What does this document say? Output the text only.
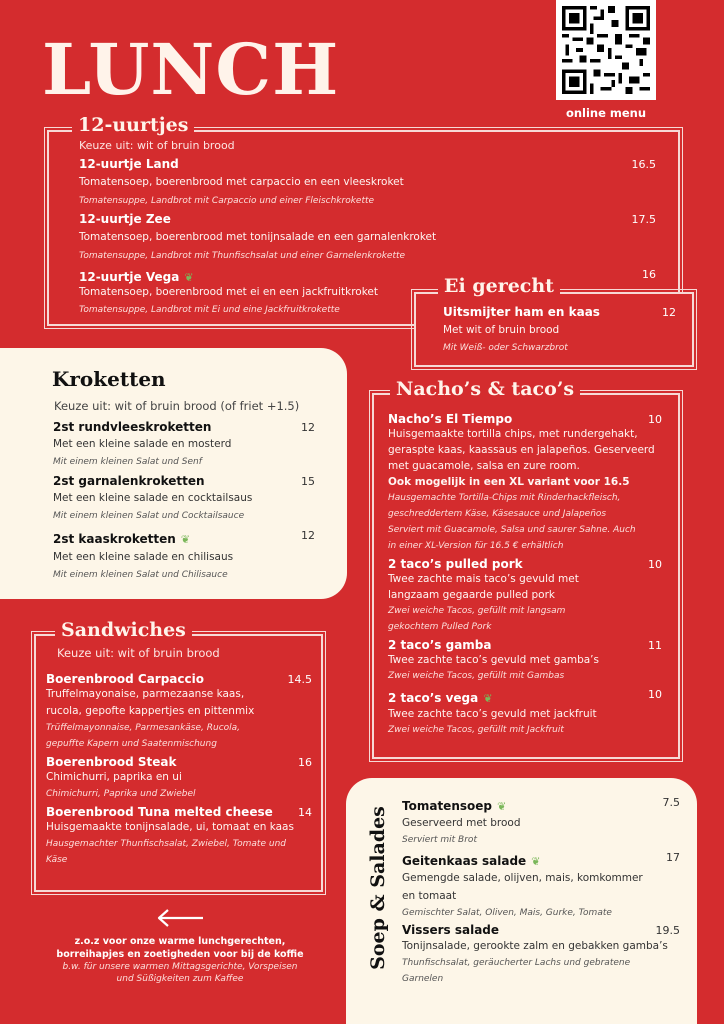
LUNCH
online menu
12-uurtjes
Keuze uit: wit of bruin brood
12-uurtje Land	16.5
Tomatensoep, boerenbrood met carpaccio en een vleeskroket
Tomatensuppe, Landbrot mit Carpaccio und einer Fleischkrokette
12-uurtje Zee	17.5
Tomatensoep, boerenbrood met tonijnsalade en een garnalenkroket
Tomatensuppe, Landbrot mit Thunfischsalat und einer Garnelenkrokette
12-uurtje Vega ❦	16
Tomatensoep, boerenbrood met ei en een jackfruitkroket
Tomatensuppe, Landbrot mit Ei und eine Jackfruitkrokette
Ei gerecht
Uitsmijter ham en kaas	12
Met wit of bruin brood
Mit Weiß- oder Schwarzbrot
Kroketten
Keuze uit: wit of bruin brood (of friet +1.5)
2st rundvleeskroketten	12
Met een kleine salade en mosterd
Mit einem kleinen Salat und Senf
2st garnalenkroketten	15
Met een kleine salade en cocktailsaus
Mit einem kleinen Salat und Cocktailsauce
2st kaaskroketten ❦	12
Met een kleine salade en chilisaus
Mit einem kleinen Salat und Chilisauce
Nacho’s & taco’s
Nacho’s El Tiempo	10
Huisgemaakte tortilla chips, met rundergehakt,
geraspte kaas, kaassaus en jalapeños. Geserveerd
met guacamole, salsa en zure room.
Ook mogelijk in een XL variant voor 16.5
Hausgemachte Tortilla-Chips mit Rinderhackfleisch,
geschreddertem Käse, Käsesauce und Jalapeños
Serviert mit Guacamole, Salsa und saurer Sahne. Auch
in einer XL-Version für 16.5 € erhältlich
2 taco’s pulled pork	10
Twee zachte mais taco’s gevuld met
langzaam gegaarde pulled pork
Zwei weiche Tacos, gefüllt mit langsam
gekochtem Pulled Pork
2 taco’s gamba	11
Twee zachte taco’s gevuld met gamba’s
Zwei weiche Tacos, gefüllt mit Gambas
2 taco’s vega ❦	10
Twee zachte taco’s gevuld met jackfruit
Zwei weiche Tacos, gefüllt mit Jackfruit
Sandwiches
Keuze uit: wit of bruin brood
Boerenbrood Carpaccio	14.5
Truffelmayonaise, parmezaanse kaas,
rucola, gepofte kappertjes en pittenmix
Trüffelmayonnaise, Parmesankäse, Rucola,
gepuffte Kapern und Saatenmischung
Boerenbrood Steak	16
Chimichurri, paprika en ui
Chimichurri, Paprika und Zwiebel
Boerenbrood Tuna melted cheese	14
Huisgemaakte tonijnsalade, ui, tomaat en kaas
Hausgemachter Thunfischsalat, Zwiebel, Tomate und
Käse
z.o.z voor onze warme lunchgerechten,
borreihapjes en zoetigheden voor bij de koffie
b.w. für unsere warmen Mittagsgerichte, Vorspeisen
und Süßigkeiten zum Kaffee
Soep & Salades
Tomatensoep ❦	7.5
Geserveerd met brood
Serviert mit Brot
Geitenkaas salade ❦	17
Gemengde salade, olijven, mais, komkommer
en tomaat
Gemischter Salat, Oliven, Mais, Gurke, Tomate
Vissers salade	19.5
Tonijnsalade, gerookte zalm en gebakken gamba’s
Thunfischsalat, geräucherter Lachs und gebratene
Garnelen
